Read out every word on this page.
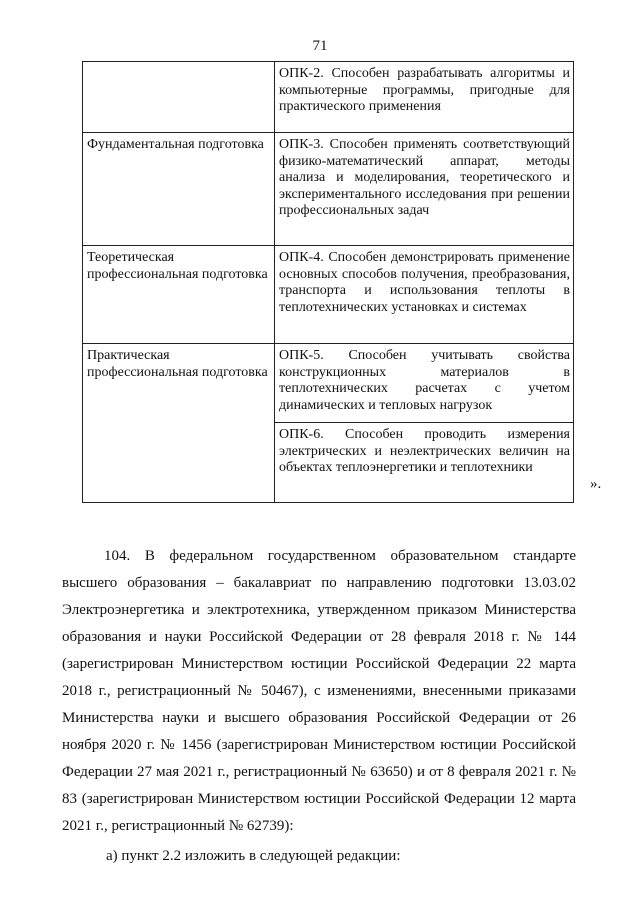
71

	ОПК-2. Способен разрабатывать алгоритмы и компьютерные программы, пригодные для практического применения

Фундаментальная подготовка	ОПК-3. Способен применять соответствующий физико-математический аппарат, методы анализа и моделирования, теоретического и экспериментального исследования при решении профессиональных задач

Теоретическая профессиональная подготовка	ОПК-4. Способен демонстрировать применение основных способов получения, преобразования, транспорта и использования теплоты в теплотехнических установках и системах

Практическая профессиональная подготовка	ОПК-5. Способен учитывать свойства конструкционных материалов в теплотехнических расчетах с учетом динамических и тепловых нагрузок

	ОПК-6. Способен проводить измерения электрических и неэлектрических величин на объектах теплоэнергетики и теплотехники
».

104. В федеральном государственном образовательном стандарте высшего образования – бакалавриат по направлению подготовки 13.03.02 Электроэнергетика и электротехника, утвержденном приказом Министерства образования и науки Российской Федерации от 28 февраля 2018 г. № 144 (зарегистрирован Министерством юстиции Российской Федерации 22 марта 2018 г., регистрационный № 50467), с изменениями, внесенными приказами Министерства науки и высшего образования Российской Федерации от 26 ноября 2020 г. № 1456 (зарегистрирован Министерством юстиции Российской Федерации 27 мая 2021 г., регистрационный № 63650) и от 8 февраля 2021 г. № 83 (зарегистрирован Министерством юстиции Российской Федерации 12 марта 2021 г., регистрационный № 62739):

а) пункт 2.2 изложить в следующей редакции:
